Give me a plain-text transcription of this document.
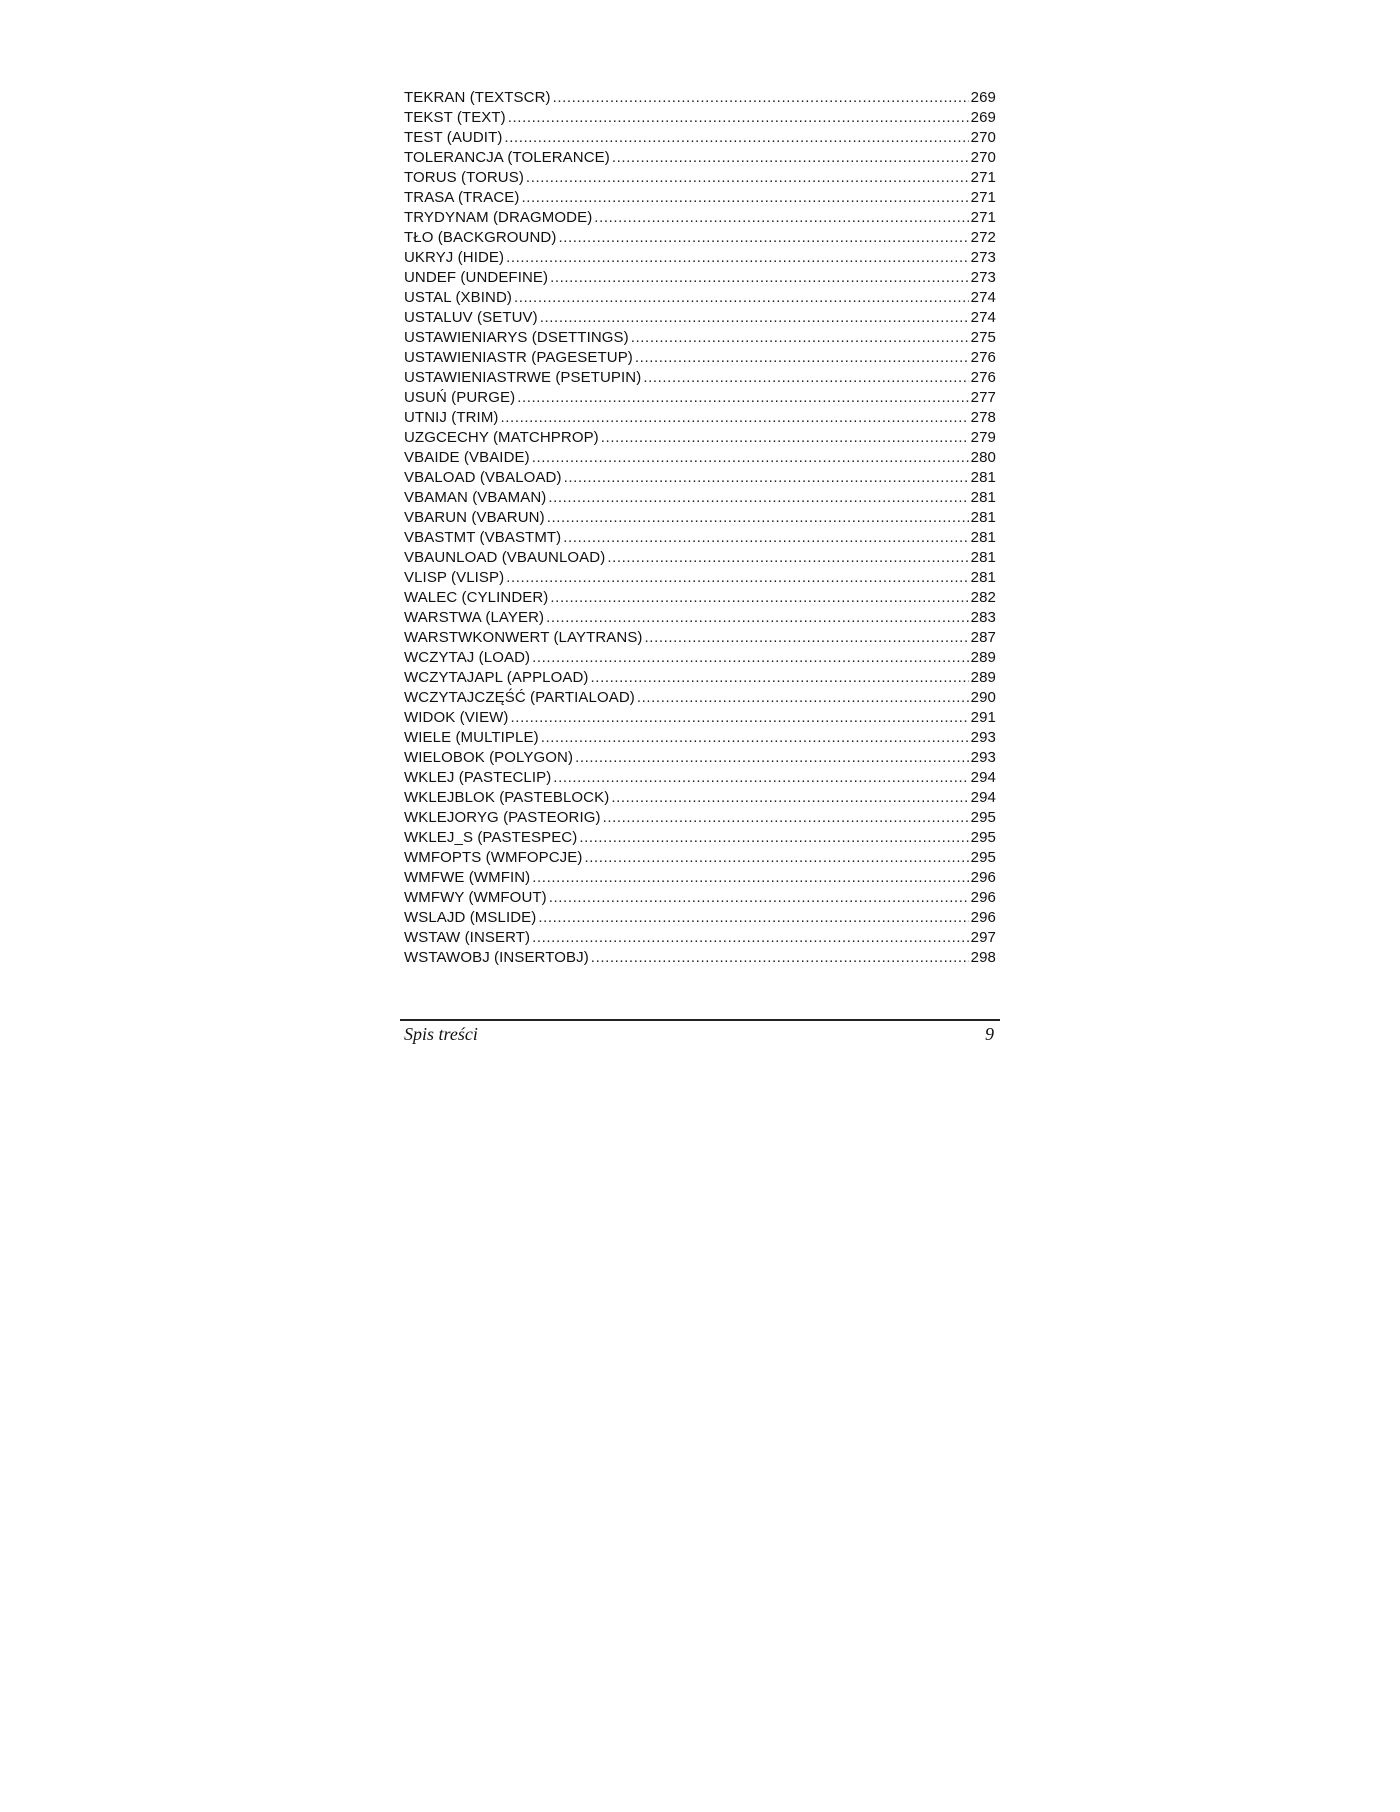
TEKRAN (TEXTSCR) .....	269
TEKST (TEXT) .....	269
TEST (AUDIT) .....	270
TOLERANCJA (TOLERANCE) .....	270
TORUS (TORUS) .....	271
TRASA (TRACE) .....	271
TRYDYNAM (DRAGMODE) .....	271
TŁO (BACKGROUND) .....	272
UKRYJ (HIDE) .....	273
UNDEF (UNDEFINE) .....	273
USTAL (XBIND) .....	274
USTALUV (SETUV) .....	274
USTAWIENIARYS (DSETTINGS) .....	275
USTAWIENIASTR (PAGESETUP) .....	276
USTAWIENIASTRWE (PSETUPIN) .....	276
USUŃ (PURGE) .....	277
UTNIJ (TRIM) .....	278
UZGCECHY (MATCHPROP) .....	279
VBAIDE (VBAIDE) .....	280
VBALOAD (VBALOAD) .....	281
VBAMAN (VBAMAN) .....	281
VBARUN (VBARUN) .....	281
VBASTMT (VBASTMT) .....	281
VBAUNLOAD (VBAUNLOAD) .....	281
VLISP (VLISP) .....	281
WALEC (CYLINDER) .....	282
WARSTWA (LAYER) .....	283
WARSTWKONWERT (LAYTRANS) .....	287
WCZYTAJ (LOAD) .....	289
WCZYTAJAPL (APPLOAD) .....	289
WCZYTAJCZĘŚĆ (PARTIALOAD) .....	290
WIDOK (VIEW) .....	291
WIELE (MULTIPLE) .....	293
WIELOBOK (POLYGON) .....	293
WKLEJ (PASTECLIP) .....	294
WKLEJBLOK (PASTEBLOCK) .....	294
WKLEJORYG (PASTEORIG) .....	295
WKLEJ_S (PASTESPEC) .....	295
WMFOPTS (WMFOPCJE) .....	295
WMFWE (WMFIN) .....	296
WMFWY (WMFOUT) .....	296
WSLAJD (MSLIDE) .....	296
WSTAW (INSERT) .....	297
WSTAWOBJ (INSERTOBJ) .....	298
Spis treści	9
